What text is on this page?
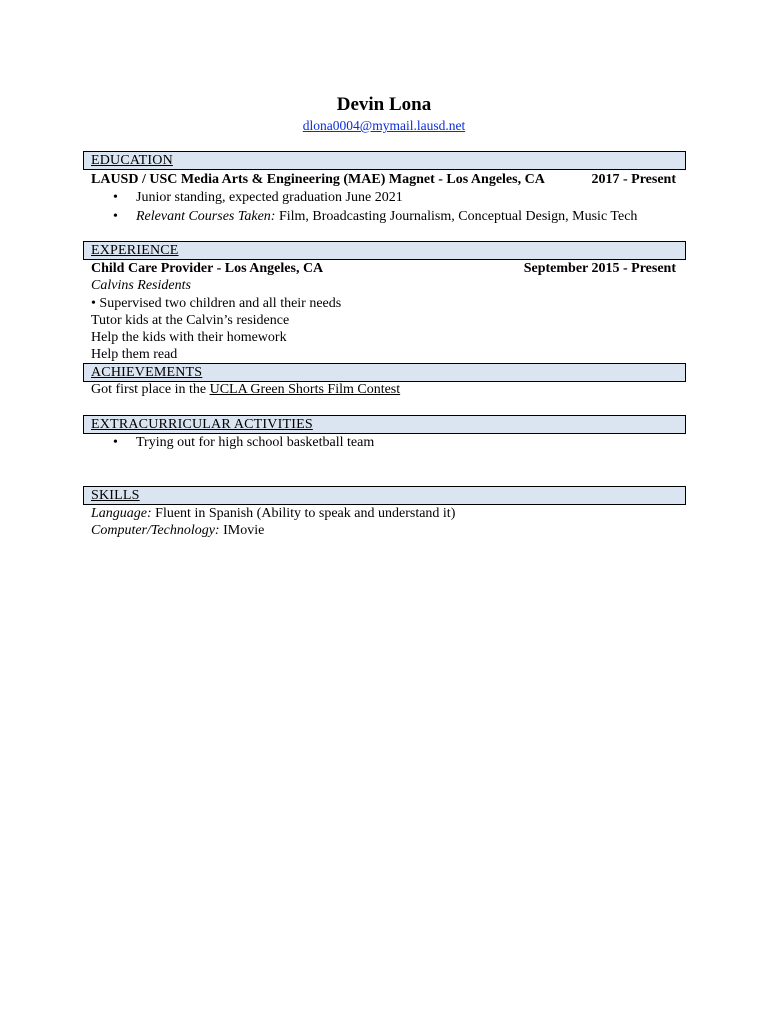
Devin Lona
dlona0004@mymail.lausd.net
EDUCATION
LAUSD / USC Media Arts & Engineering (MAE) Magnet - Los Angeles, CA	2017 - Present
• Junior standing, expected graduation June 2021
• Relevant Courses Taken: Film, Broadcasting Journalism, Conceptual Design, Music Tech
EXPERIENCE
Child Care Provider - Los Angeles, CA	September 2015 - Present
Calvins Residents
• Supervised two children and all their needs
Tutor kids at the Calvin’s residence
Help the kids with their homework
Help them read
ACHIEVEMENTS
Got first place in the UCLA Green Shorts Film Contest
EXTRACURRICULAR ACTIVITIES
• Trying out for high school basketball team
SKILLS
Language: Fluent in Spanish (Ability to speak and understand it)
Computer/Technology: IMovie
